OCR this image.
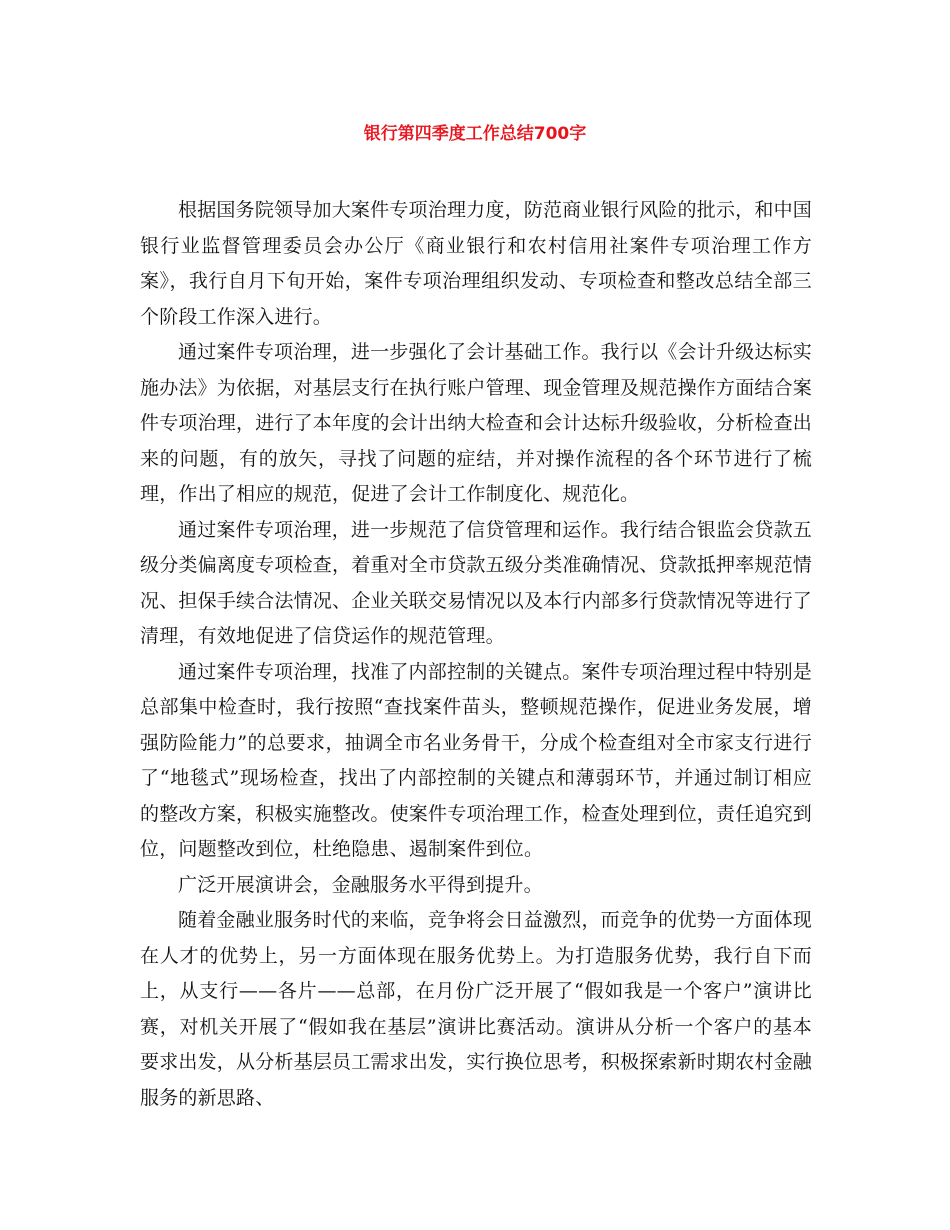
银行第四季度工作总结700字

根据国务院领导加大案件专项治理力度，防范商业银行风险的批示，和中国银行业监督管理委员会办公厅《商业银行和农村信用社案件专项治理工作方案》，我行自月下旬开始，案件专项治理组织发动、专项检查和整改总结全部三个阶段工作深入进行。

通过案件专项治理，进一步强化了会计基础工作。我行以《会计升级达标实施办法》为依据，对基层支行在执行账户管理、现金管理及规范操作方面结合案件专项治理，进行了本年度的会计出纳大检查和会计达标升级验收，分析检查出来的问题，有的放矢，寻找了问题的症结，并对操作流程的各个环节进行了梳理，作出了相应的规范，促进了会计工作制度化、规范化。

通过案件专项治理，进一步规范了信贷管理和运作。我行结合银监会贷款五级分类偏离度专项检查，着重对全市贷款五级分类准确情况、贷款抵押率规范情况、担保手续合法情况、企业关联交易情况以及本行内部多行贷款情况等进行了清理，有效地促进了信贷运作的规范管理。

通过案件专项治理，找准了内部控制的关键点。案件专项治理过程中特别是总部集中检查时，我行按照“查找案件苗头，整顿规范操作，促进业务发展，增强防险能力”的总要求，抽调全市名业务骨干，分成个检查组对全市家支行进行了“地毯式”现场检查，找出了内部控制的关键点和薄弱环节，并通过制订相应的整改方案，积极实施整改。使案件专项治理工作，检查处理到位，责任追究到位，问题整改到位，杜绝隐患、遏制案件到位。

广泛开展演讲会，金融服务水平得到提升。

随着金融业服务时代的来临，竞争将会日益激烈，而竞争的优势一方面体现在人才的优势上，另一方面体现在服务优势上。为打造服务优势，我行自下而上，从支行——各片——总部，在月份广泛开展了“假如我是一个客户”演讲比赛，对机关开展了“假如我在基层”演讲比赛活动。演讲从分析一个客户的基本要求出发，从分析基层员工需求出发，实行换位思考，积极探索新时期农村金融服务的新思路、
